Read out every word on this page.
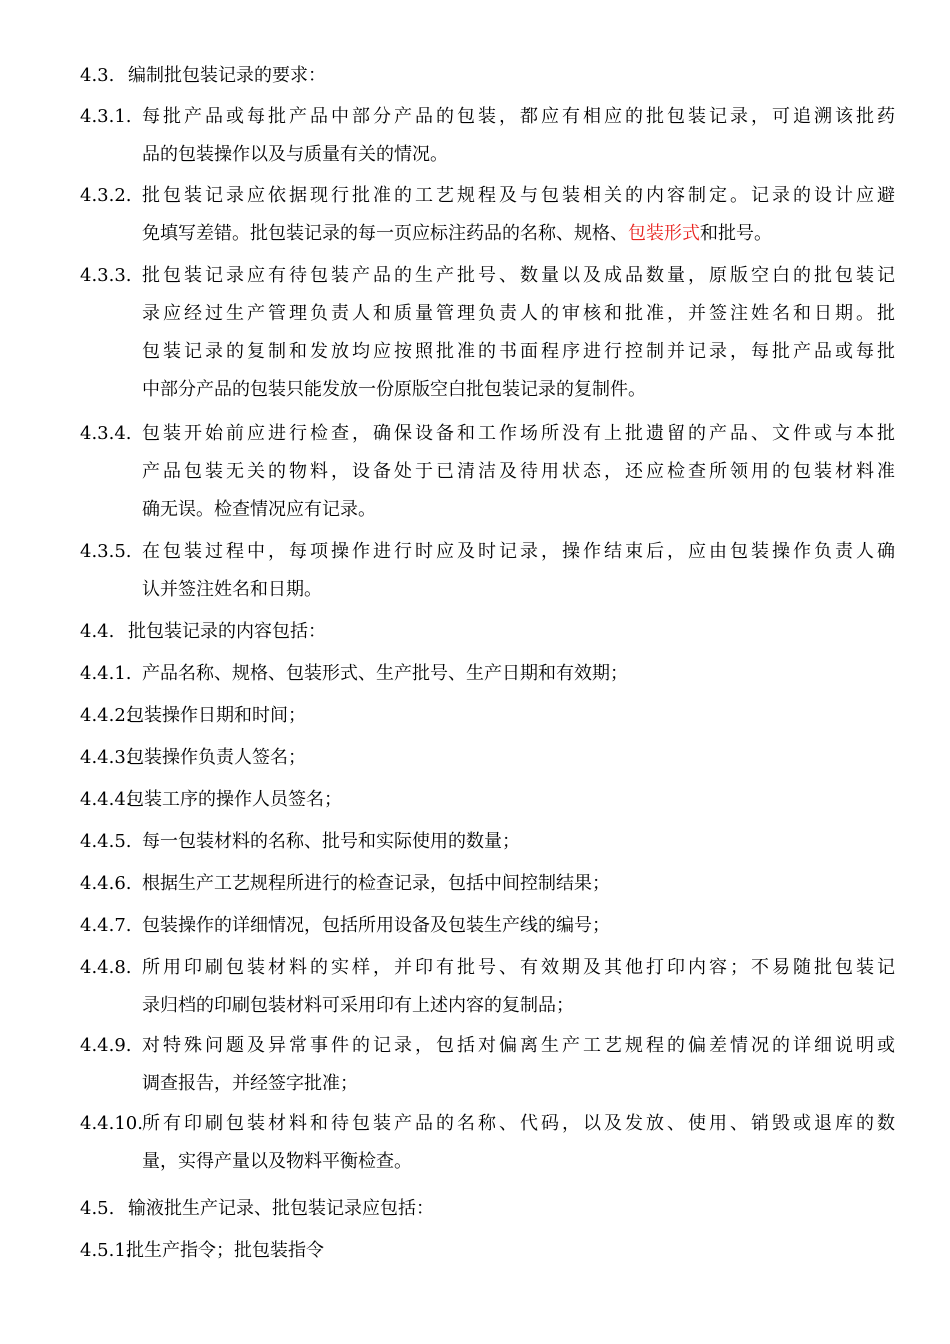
4.3. 编制批包装记录的要求：
4.3.1. 每批产品或每批产品中部分产品的包装，都应有相应的批包装记录，可追溯该批药
品的包装操作以及与质量有关的情况。
4.3.2. 批包装记录应依据现行批准的工艺规程及与包装相关的内容制定。记录的设计应避
免填写差错。批包装记录的每一页应标注药品的名称、规格、包装形式和批号。
4.3.3. 批包装记录应有待包装产品的生产批号、数量以及成品数量，原版空白的批包装记
录应经过生产管理负责人和质量管理负责人的审核和批准，并签注姓名和日期。批
包装记录的复制和发放均应按照批准的书面程序进行控制并记录，每批产品或每批
中部分产品的包装只能发放一份原版空白批包装记录的复制件。
4.3.4. 包装开始前应进行检查，确保设备和工作场所没有上批遗留的产品、文件或与本批
产品包装无关的物料，设备处于已清洁及待用状态，还应检查所领用的包装材料准
确无误。检查情况应有记录。
4.3.5. 在包装过程中，每项操作进行时应及时记录，操作结束后，应由包装操作负责人确
认并签注姓名和日期。
4.4. 批包装记录的内容包括：
4.4.1. 产品名称、规格、包装形式、生产批号、生产日期和有效期；
4.4.2.
包装操作日期和时间；
4.4.3.
包装操作负责人签名；
4.4.4.
包装工序的操作人员签名；
4.4.5. 每一包装材料的名称、批号和实际使用的数量；
4.4.6. 根据生产工艺规程所进行的检查记录，包括中间控制结果；
4.4.7. 包装操作的详细情况，包括所用设备及包装生产线的编号；
4.4.8. 所用印刷包装材料的实样，并印有批号、有效期及其他打印内容；不易随批包装记
录归档的印刷包装材料可采用印有上述内容的复制品；
4.4.9. 对特殊问题及异常事件的记录，包括对偏离生产工艺规程的偏差情况的详细说明或
调查报告，并经签字批准；
4.4.10. 所有印刷包装材料和待包装产品的名称、代码，以及发放、使用、销毁或退库的数
量，实得产量以及物料平衡检查。
4.5. 输液批生产记录、批包装记录应包括：
4.5.1.
批生产指令；批包装指令
